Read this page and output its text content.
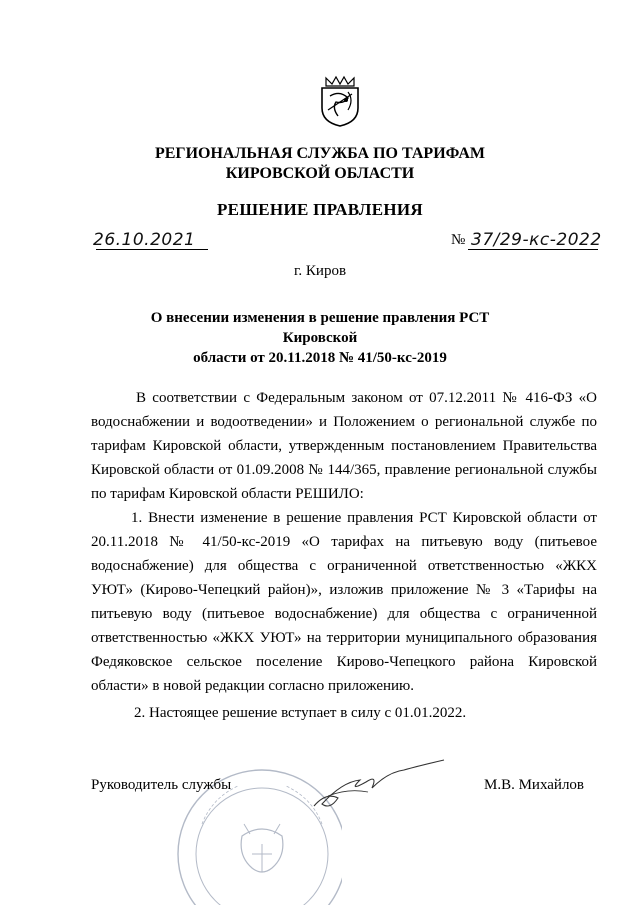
РЕГИОНАЛЬНАЯ СЛУЖБА ПО ТАРИФАМ
КИРОВСКОЙ ОБЛАСТИ
РЕШЕНИЕ ПРАВЛЕНИЯ
26.10.2021	№ 37/29-кс-2022
г. Киров
О внесении изменения в решение правления РСТ Кировской
области от 20.11.2018 № 41/50-кс-2019

В соответствии с Федеральным законом от 07.12.2011 № 416-ФЗ «О водоснабжении и водоотведении» и Положением о региональной службе по тарифам Кировской области, утвержденным постановлением Правительства Кировской области от 01.09.2008 № 144/365, правление региональной службы по тарифам Кировской области РЕШИЛО:

1. Внести изменение в решение правления РСТ Кировской области от 20.11.2018 № 41/50-кс-2019 «О тарифах на питьевую воду (питьевое водоснабжение) для общества с ограниченной ответственностью «ЖКХ УЮТ» (Кирово-Чепецкий район)», изложив приложение № 3 «Тарифы на питьевую воду (питьевое водоснабжение) для общества с ограниченной ответственностью «ЖКХ УЮТ» на территории муниципального образования Федяковское сельское поселение Кирово-Чепецкого района Кировской области» в новой редакции согласно приложению.

2. Настоящее решение вступает в силу с 01.01.2022.

Руководитель службы	М.В. Михайлов
